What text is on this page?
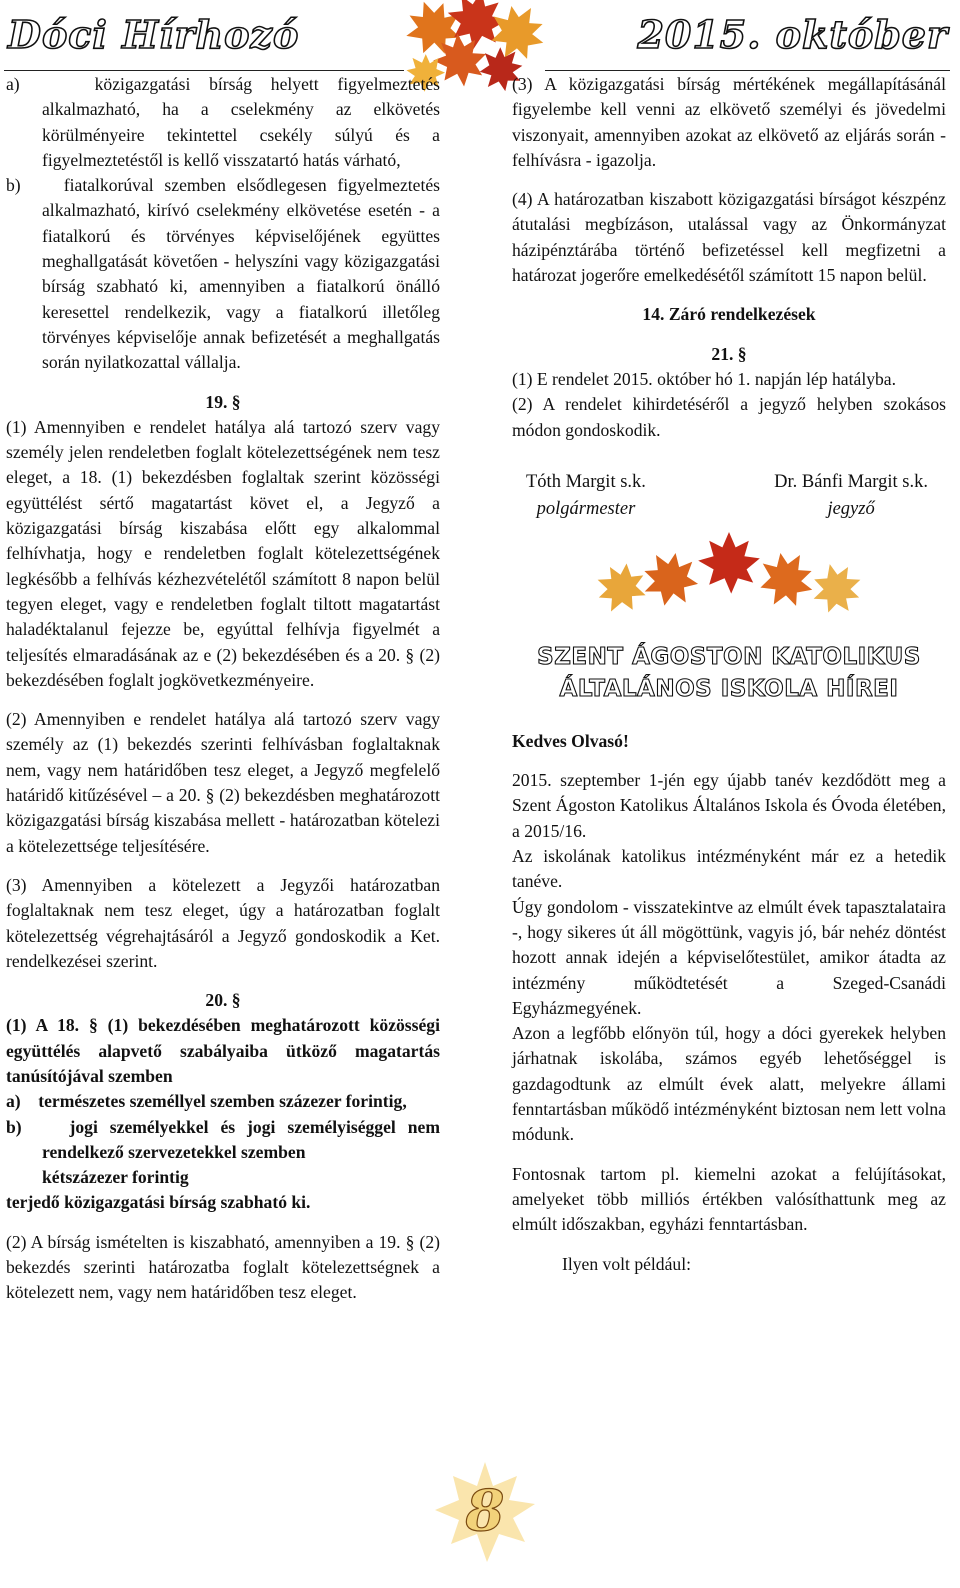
Dóci Hírhozó	2015. október

a)	közigazgatási bírság helyett figyelmeztetés alkalmazható, ha a cselekmény az elkövetés körülményeire tekintettel csekély súlyú és a figyelmeztetéstől is kellő visszatartó hatás várható,

b) fiatalkorúval szemben elsődlegesen figyelmeztetés alkalmazható, kirívó cselekmény elkövetése esetén - a fiatalkorú és törvényes képviselőjének együttes meghallgatását követően - helyszíni vagy közigazgatási bírság szabható ki, amennyiben a fiatalkorú önálló keresettel rendelkezik, vagy a fiatalkorú illetőleg törvényes képviselője annak befizetését a meghallgatás során nyilatkozattal vállalja.

19. §

(1) Amennyiben e rendelet hatálya alá tartozó szerv vagy személy jelen rendeletben foglalt kötelezettségének nem tesz eleget, a 18. (1) bekezdésben foglaltak szerint közösségi együttélést sértő magatartást követ el, a Jegyző a közigazgatási bírság kiszabása előtt egy alkalommal felhívhatja, hogy e rendeletben foglalt kötelezettségének legkésőbb a felhívás kézhezvételétől számított 8 napon belül tegyen eleget, vagy e rendeletben foglalt tiltott magatartást haladéktalanul fejezze be, egyúttal felhívja figyelmét a teljesítés elmaradásának az e (2) bekezdésében és a 20. § (2) bekezdésében foglalt jogkövetkezményeire.

(2) Amennyiben e rendelet hatálya alá tartozó szerv vagy személy az (1) bekezdés szerinti felhívásban foglaltaknak nem, vagy nem határidőben tesz eleget, a Jegyző megfelelő határidő kitűzésével – a 20. § (2) bekezdésben meghatározott közigazgatási bírság kiszabása mellett - határozatban kötelezi a kötelezettsége teljesítésére.

(3) Amennyiben a kötelezett a Jegyzői határozatban foglaltaknak nem tesz eleget, úgy a határozatban foglalt kötelezettség végrehajtásáról a Jegyző gondoskodik a Ket. rendelkezései szerint.

20. §

(1) A 18. § (1) bekezdésében meghatározott közösségi együttélés alapvető szabályaiba ütköző magatartás tanúsítójával szemben

a) természetes személlyel szemben százezer forintig,

b)	jogi személyekkel és jogi személyiséggel nem rendelkező szervezetekkel szemben

kétszázezer forintig

terjedő közigazgatási bírság szabható ki.

(2) A bírság ismételten is kiszabható, amennyiben a 19. § (2) bekezdés szerinti határozatba foglalt kötelezettségnek a kötelezett nem, vagy nem határidőben tesz eleget.

(3) A közigazgatási bírság mértékének megállapításánál figyelembe kell venni az elkövető személyi és jövedelmi viszonyait, amennyiben azokat az elkövető az eljárás során - felhívásra - igazolja.

(4) A határozatban kiszabott közigazgatási bírságot készpénz átutalási megbízáson, utalással vagy az Önkormányzat házipénztárába történő befizetéssel kell megfizetni a határozat jogerőre emelkedésétől számított 15 napon belül.

14. Záró rendelkezések

21. §

(1) E rendelet 2015. október hó 1. napján lép hatályba.

(2) A rendelet kihirdetéséről a jegyző helyben szokásos módon gondoskodik.

Tóth Margit s.k.
polgármester
Dr. Bánfi Margit s.k.
jegyző

SZENT ÁGOSTON KATOLIKUS

ÁLTALÁNOS ISKOLA HÍREI

Kedves Olvasó!

2015. szeptember 1-jén egy újabb tanév kezdődött meg a Szent Ágoston Katolikus Általános Iskola és Óvoda életében, a 2015/16.

Az iskolának katolikus intézményként már ez a hetedik tanéve.

Úgy gondolom - visszatekintve az elmúlt évek tapasztalataira -, hogy sikeres út áll mögöttünk, vagyis jó, bár nehéz döntést hozott annak idején a képviselőtestület, amikor átadta az intézmény működtetését a Szeged-Csanádi Egyházmegyének.

Azon a legfőbb előnyön túl, hogy a dóci gyerekek helyben járhatnak iskolába, számos egyéb lehetőséggel is gazdagodtunk az elmúlt évek alatt, melyekre állami fenntartásban működő intézményként biztosan nem lett volna módunk.

Fontosnak tartom pl. kiemelni azokat a felújításokat, amelyeket több milliós értékben valósíthattunk meg az elmúlt időszakban, egyházi fenntartásban.

Ilyen volt például:

8
